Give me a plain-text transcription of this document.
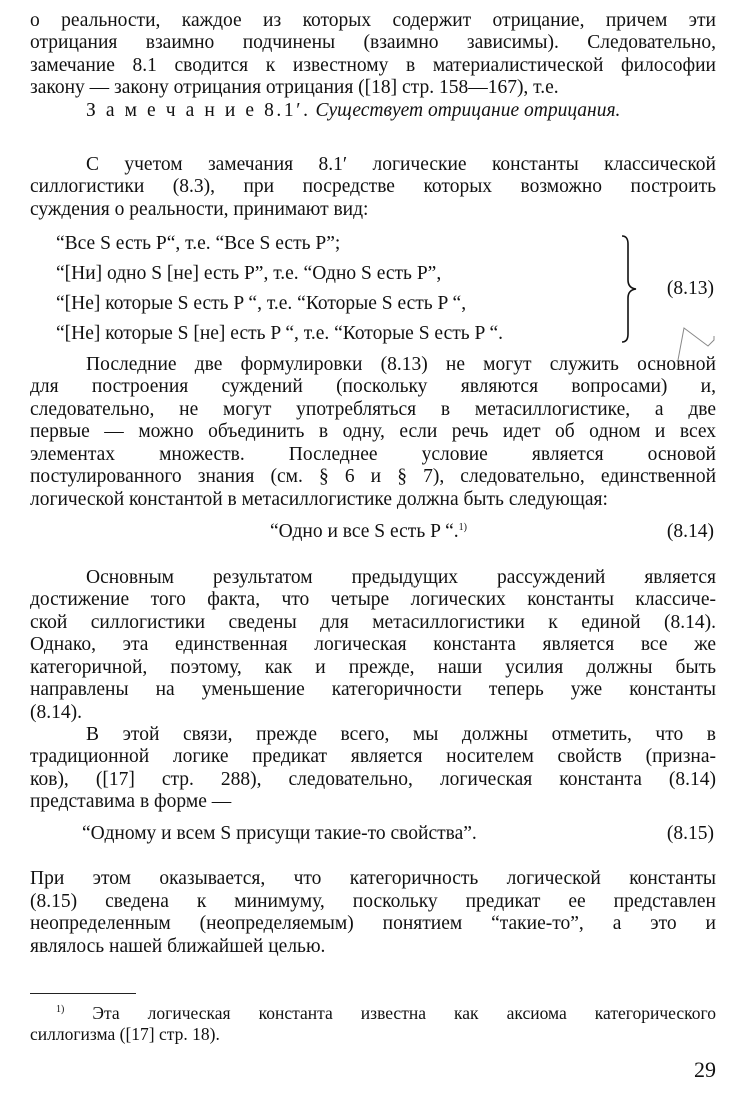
о реальности, каждое из которых содержит отрицание, причем эти
отрицания взаимно подчинены (взаимно зависимы). Следовательно,
замечание 8.1 сводится к известному в материалистической философии
закону — закону отрицания отрицания ([18] стр. 158—167), т.е.
З а м е ч а н и е 8.1′. Существует отрицание отрицания.
С учетом замечания 8.1′ логические константы классической
силлогистики (8.3), при посредстве которых возможно построить
суждения о реальности, принимают вид:
“Все S есть P“, т.е. “Все S есть P”;
“[Ни] одно S [не] есть P”, т.е. “Одно S есть P”,
“[Не] которые S есть P “, т.е. “Которые S есть P “,
“[Не] которые S [не] есть P “, т.е. “Которые S есть P “.
(8.13)
Последние две формулировки (8.13) не могут служить основной
для построения суждений (поскольку являются вопросами) и,
следовательно, не могут употребляться в метасиллогистике, а две
первые — можно объединить в одну, если речь идет об одном и всех
элементах множеств. Последнее условие является основой
постулированного знания (см. § 6 и § 7), следовательно, единственной
логической константой в метасиллогистике должна быть следующая:
“Одно и все S есть P “.$^{1)}$	(8.14)
Основным результатом предыдущих рассуждений является
достижение того факта, что четыре логических константы классиче-
ской силлогистики сведены для метасиллогистики к единой (8.14).
Однако, эта единственная логическая константа является все же
категоричной, поэтому, как и прежде, наши усилия должны быть
направлены на уменьшение категоричности теперь уже константы
(8.14).
В этой связи, прежде всего, мы должны отметить, что в
традиционной логике предикат является носителем свойств (призна-
ков), ([17] стр. 288), следовательно, логическая константа (8.14)
представима в форме —
“Одному и всем S присущи такие-то свойства”.	(8.15)
При этом оказывается, что категоричность логической константы
(8.15) сведена к минимуму, поскольку предикат ее представлен
неопределенным (неопределяемым) понятием “такие-то”, а это и
являлось нашей ближайшей целью.
$^{1)}$ Эта логическая константа известна как аксиома категорического
силлогизма ([17] стр. 18).
29
